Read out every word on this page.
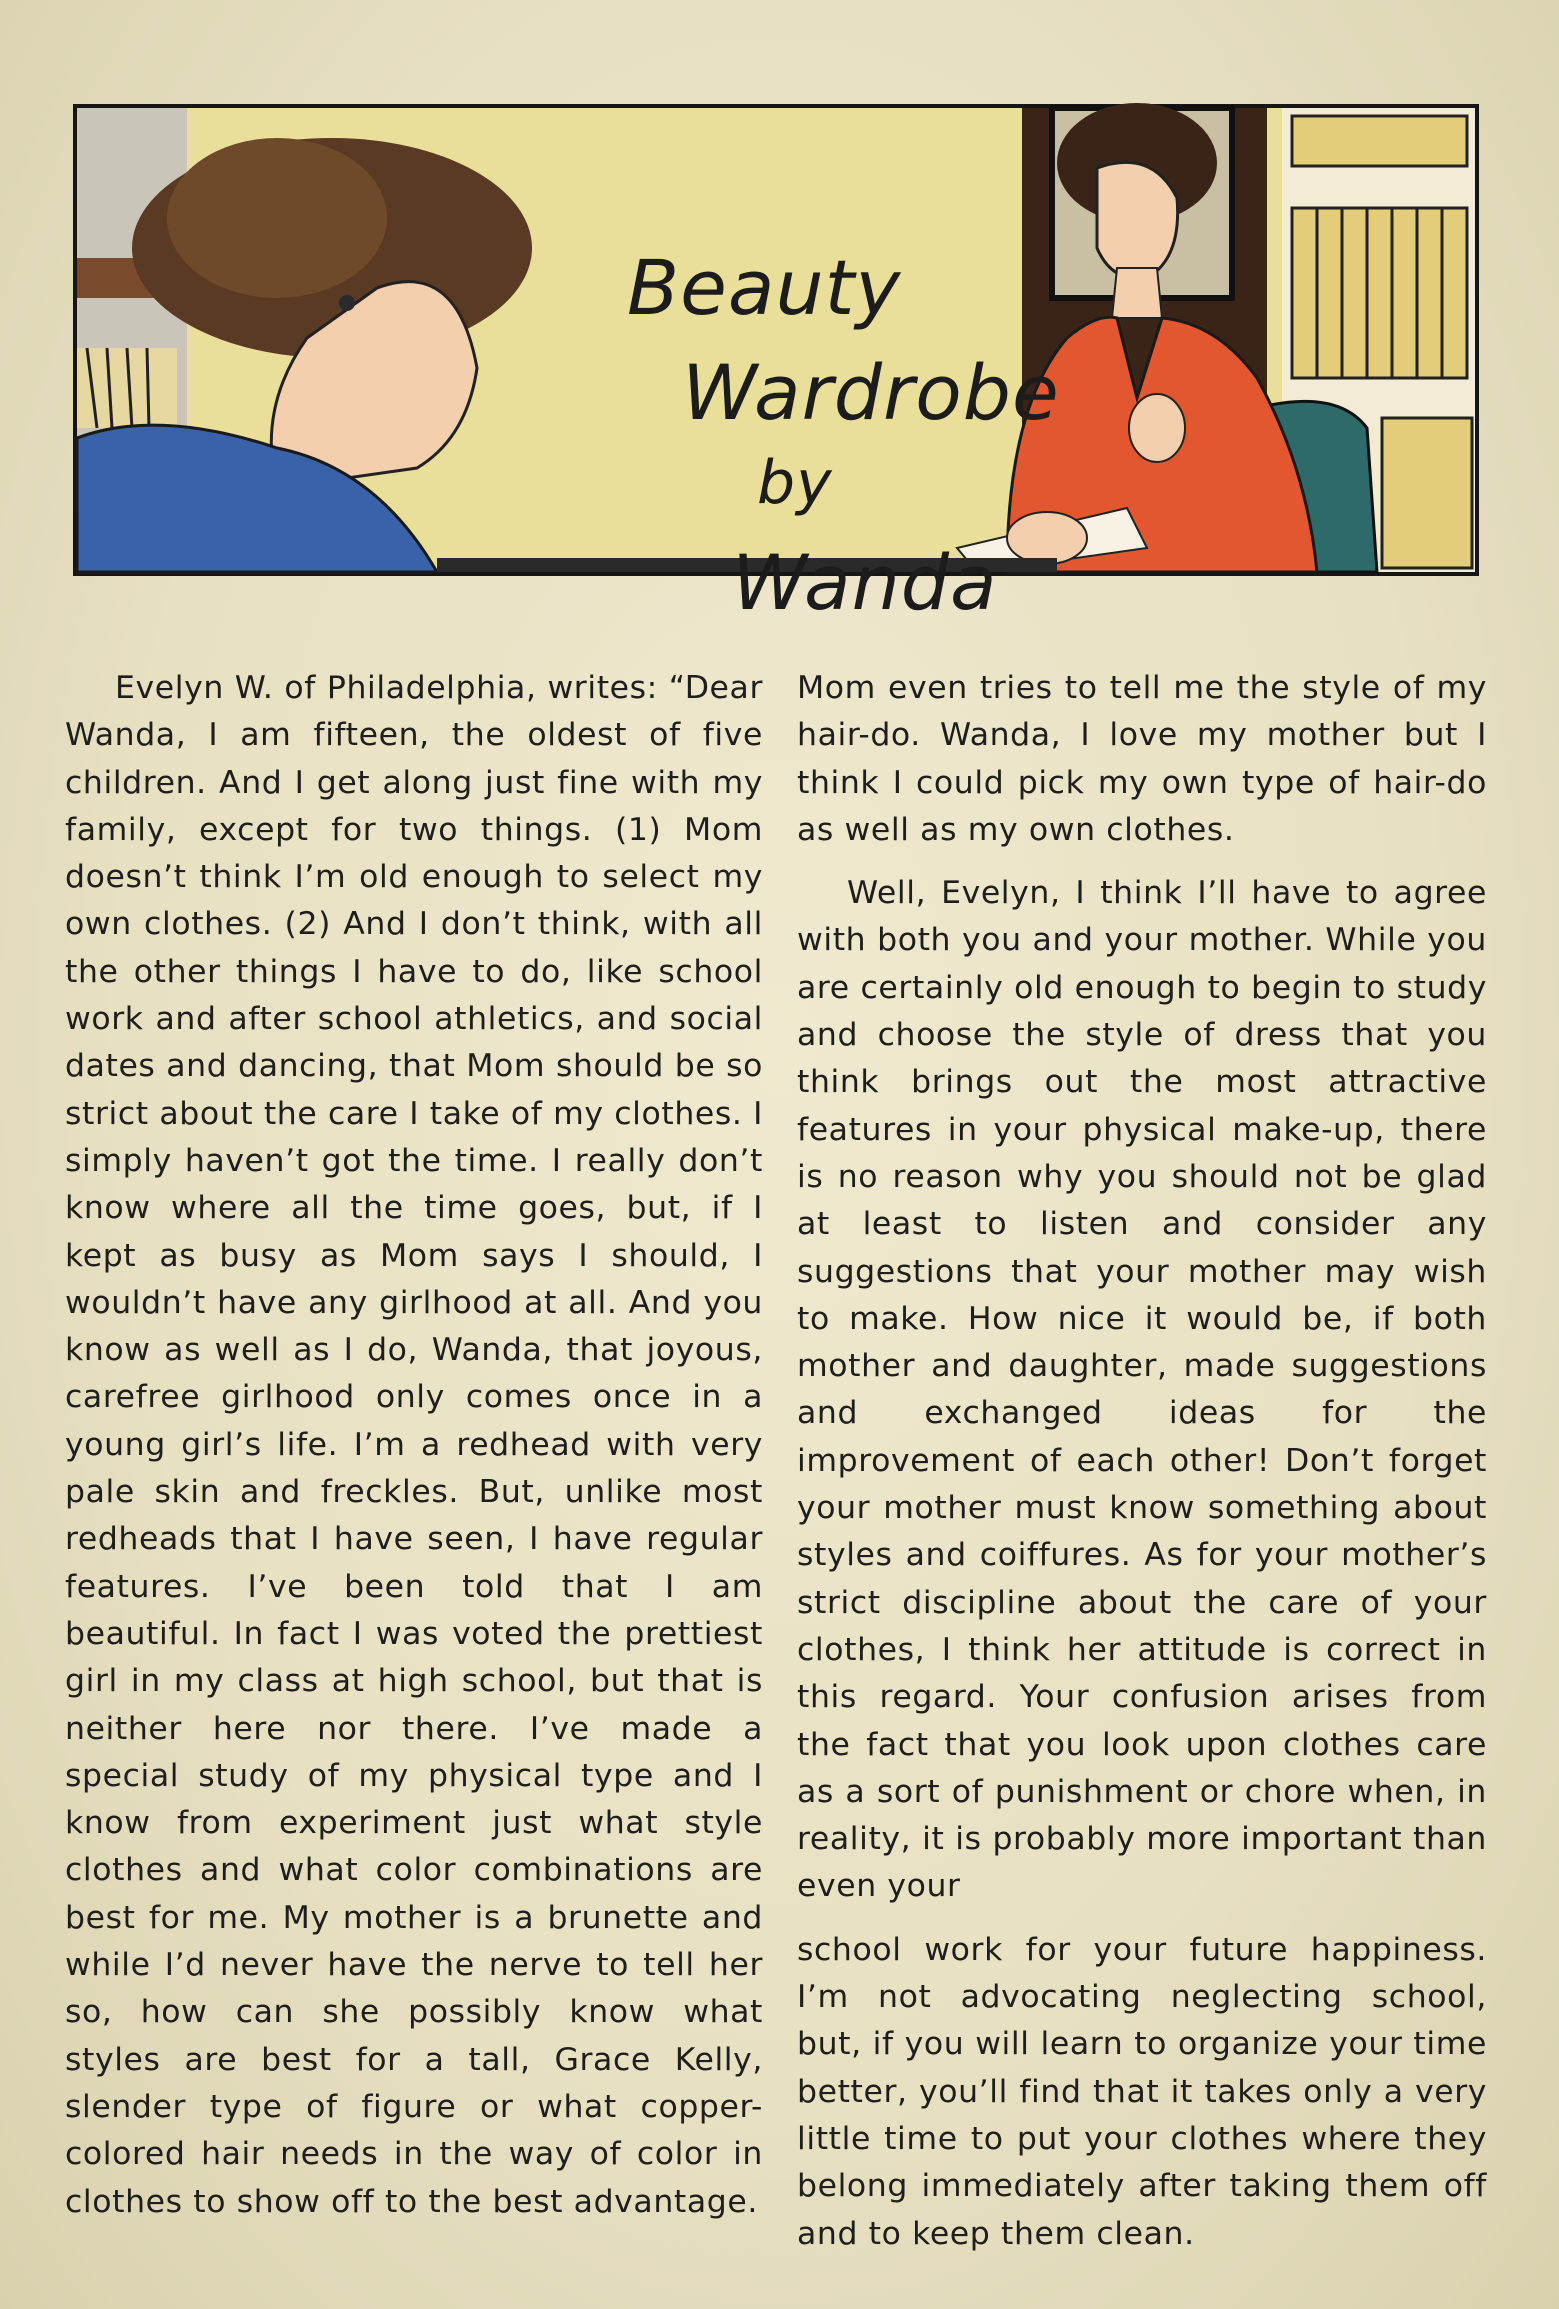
Beauty
Wardrobe
by
Wanda

Evelyn W. of Philadelphia, writes: “Dear Wanda, I am fifteen, the oldest of five children. And I get along just fine with my family, except for two things. (1) Mom doesn’t think I’m old enough to select my own clothes. (2) And I don’t think, with all the other things I have to do, like school work and after school athletics, and social dates and dancing, that Mom should be so strict about the care I take of my clothes. I simply haven’t got the time. I really don’t know where all the time goes, but, if I kept as busy as Mom says I should, I wouldn’t have any girlhood at all. And you know as well as I do, Wanda, that joyous, carefree girlhood only comes once in a young girl’s life. I’m a redhead with very pale skin and freckles. But, unlike most redheads that I have seen, I have regular features. I’ve been told that I am beautiful. In fact I was voted the prettiest girl in my class at high school, but that is neither here nor there. I’ve made a special study of my physical type and I know from experiment just what style clothes and what color combinations are best for me. My mother is a brunette and while I’d never have the nerve to tell her so, how can she possibly know what styles are best for a tall, Grace Kelly, slender type of figure or what copper-colored hair needs in the way of color in clothes to show off to the best advantage.

Mom even tries to tell me the style of my hair-do. Wanda, I love my mother but I think I could pick my own type of hair-do as well as my own clothes.

Well, Evelyn, I think I’ll have to agree with both you and your mother. While you are certainly old enough to begin to study and choose the style of dress that you think brings out the most attractive features in your physical make-up, there is no reason why you should not be glad at least to listen and consider any suggestions that your mother may wish to make. How nice it would be, if both mother and daughter, made suggestions and exchanged ideas for the improvement of each other! Don’t forget your mother must know something about styles and coiffures. As for your mother’s strict discipline about the care of your clothes, I think her attitude is correct in this regard. Your confusion arises from the fact that you look upon clothes care as a sort of punishment or chore when, in reality, it is probably more important than even your

school work for your future happiness. I’m not advocating neglecting school, but, if you will learn to organize your time better, you’ll find that it takes only a very little time to put your clothes where they belong immediately after taking them off and to keep them clean.
